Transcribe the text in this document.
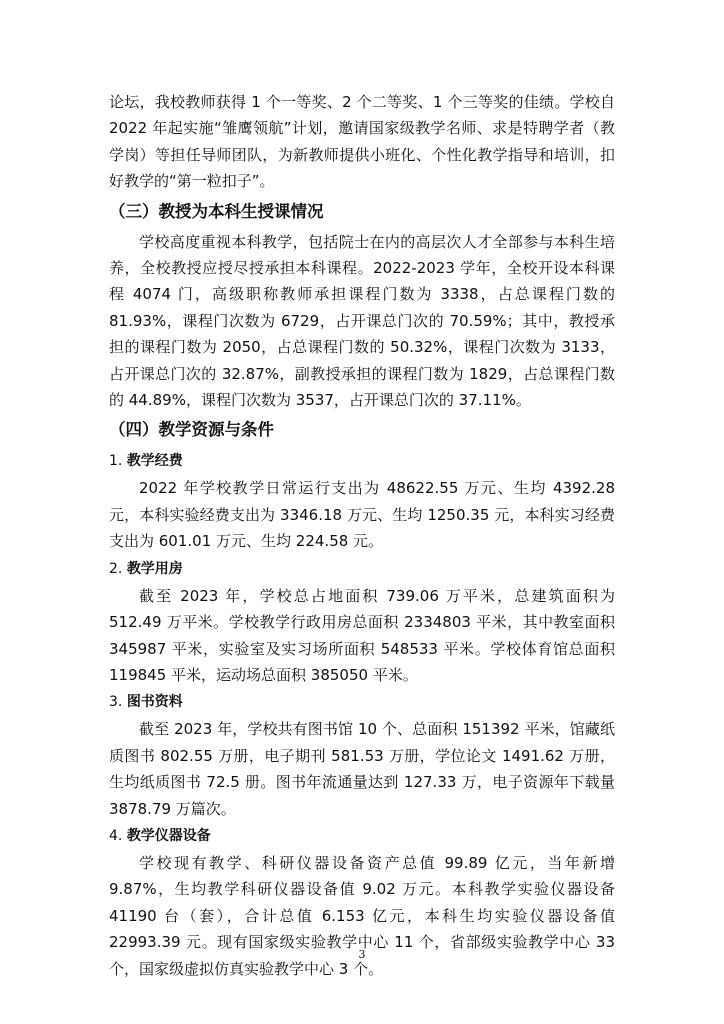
论坛，我校教师获得 1 个一等奖、2 个二等奖、1 个三等奖的佳绩。学校自 2022 年起实施“雏鹰领航”计划，邀请国家级教学名师、求是特聘学者（教学岗）等担任导师团队，为新教师提供小班化、个性化教学指导和培训，扣好教学的“第一粒扣子”。

（三）教授为本科生授课情况

学校高度重视本科教学，包括院士在内的高层次人才全部参与本科生培养，全校教授应授尽授承担本科课程。2022-2023 学年，全校开设本科课程 4074 门，高级职称教师承担课程门数为 3338，占总课程门数的 81.93%，课程门次数为 6729，占开课总门次的 70.59%；其中，教授承担的课程门数为 2050，占总课程门数的 50.32%，课程门次数为 3133，占开课总门次的 32.87%，副教授承担的课程门数为 1829，占总课程门数的 44.89%，课程门次数为 3537，占开课总门次的 37.11%。

（四）教学资源与条件
1. 教学经费

2022 年学校教学日常运行支出为 48622.55 万元、生均 4392.28 元，本科实验经费支出为 3346.18 万元、生均 1250.35 元，本科实习经费支出为 601.01 万元、生均 224.58 元。

2. 教学用房

截至 2023 年，学校总占地面积 739.06 万平米，总建筑面积为 512.49 万平米。学校教学行政用房总面积 2334803 平米，其中教室面积 345987 平米，实验室及实习场所面积 548533 平米。学校体育馆总面积 119845 平米，运动场总面积 385050 平米。

3. 图书资料

截至 2023 年，学校共有图书馆 10 个、总面积 151392 平米，馆藏纸质图书 802.55 万册，电子期刊 581.53 万册，学位论文 1491.62 万册，生均纸质图书 72.5 册。图书年流通量达到 127.33 万，电子资源年下载量 3878.79 万篇次。

4. 教学仪器设备

学校现有教学、科研仪器设备资产总值 99.89 亿元，当年新增 9.87%，生均教学科研仪器设备值 9.02 万元。本科教学实验仪器设备 41190 台（套），合计总值 6.153 亿元，本科生均实验仪器设备值 22993.39 元。现有国家级实验教学中心 11 个，省部级实验教学中心 33 个，国家级虚拟仿真实验教学中心 3 个。

3
